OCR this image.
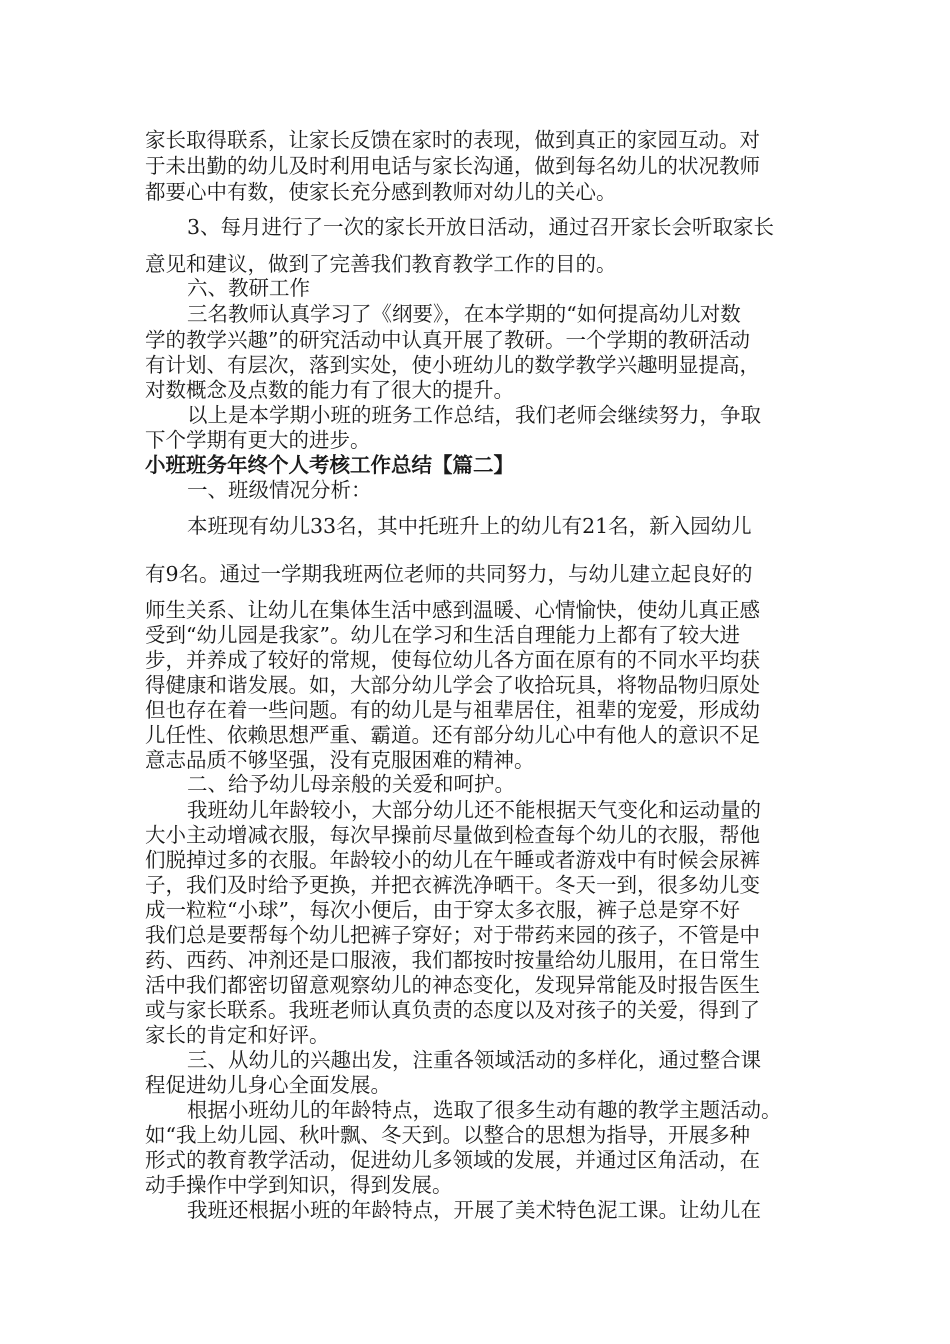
家长取得联系，让家长反馈在家时的表现，做到真正的家园互动。对
于未出勤的幼儿及时利用电话与家长沟通，做到每名幼儿的状况教师
都要心中有数，使家长充分感到教师对幼儿的关心。
3、每月进行了一次的家长开放日活动，通过召开家长会听取家长
意见和建议，做到了完善我们教育教学工作的目的。
六、教研工作
三名教师认真学习了《纲要》，在本学期的“如何提高幼儿对数
学的教学兴趣”的研究活动中认真开展了教研。一个学期的教研活动
有计划、有层次，落到实处，使小班幼儿的数学教学兴趣明显提高，
对数概念及点数的能力有了很大的提升。
以上是本学期小班的班务工作总结，我们老师会继续努力，争取
下个学期有更大的进步。
小班班务年终个人考核工作总结【篇二】
一、班级情况分析：
本班现有幼儿33名，其中托班升上的幼儿有21名，新入园幼儿
有9名。通过一学期我班两位老师的共同努力，与幼儿建立起良好的
师生关系、让幼儿在集体生活中感到温暖、心情愉快，使幼儿真正感
受到“幼儿园是我家”。幼儿在学习和生活自理能力上都有了较大进
步，并养成了较好的常规，使每位幼儿各方面在原有的不同水平均获
得健康和谐发展。如，大部分幼儿学会了收拾玩具，将物品物归原处
但也存在着一些问题。有的幼儿是与祖辈居住，祖辈的宠爱，形成幼
儿任性、依赖思想严重、霸道。还有部分幼儿心中有他人的意识不足
意志品质不够坚强，没有克服困难的精神。
二、给予幼儿母亲般的关爱和呵护。
我班幼儿年龄较小，大部分幼儿还不能根据天气变化和运动量的
大小主动增减衣服，每次早操前尽量做到检查每个幼儿的衣服，帮他
们脱掉过多的衣服。年龄较小的幼儿在午睡或者游戏中有时候会尿裤
子，我们及时给予更换，并把衣裤洗净晒干。冬天一到，很多幼儿变
成一粒粒“小球”，每次小便后，由于穿太多衣服，裤子总是穿不好
我们总是要帮每个幼儿把裤子穿好；对于带药来园的孩子，不管是中
药、西药、冲剂还是口服液，我们都按时按量给幼儿服用，在日常生
活中我们都密切留意观察幼儿的神态变化，发现异常能及时报告医生
或与家长联系。我班老师认真负责的态度以及对孩子的关爱，得到了
家长的肯定和好评。
三、从幼儿的兴趣出发，注重各领域活动的多样化，通过整合课
程促进幼儿身心全面发展。
根据小班幼儿的年龄特点，选取了很多生动有趣的教学主题活动。
如“我上幼儿园、秋叶飘、冬天到。以整合的思想为指导，开展多种
形式的教育教学活动，促进幼儿多领域的发展，并通过区角活动，在
动手操作中学到知识，得到发展。
我班还根据小班的年龄特点，开展了美术特色泥工课。让幼儿在
